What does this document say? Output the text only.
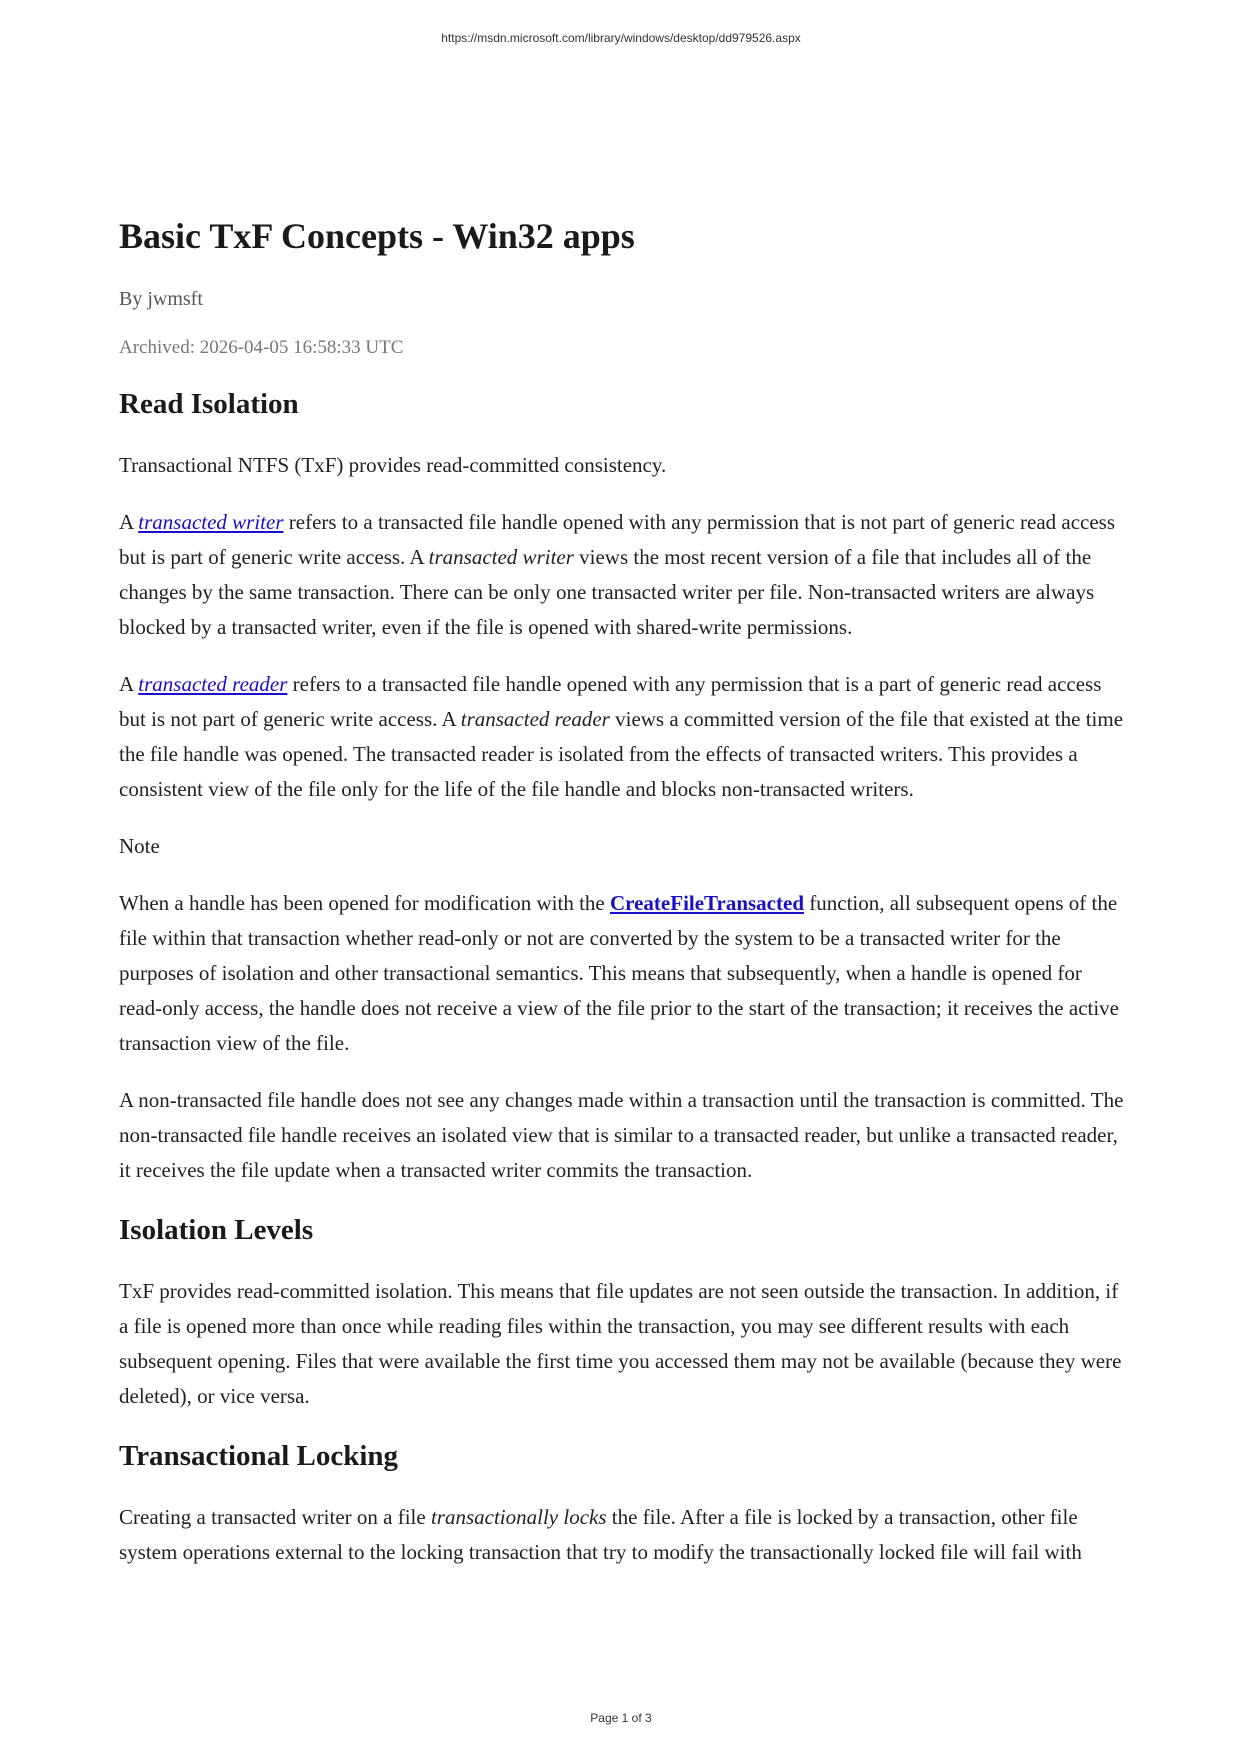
https://msdn.microsoft.com/library/windows/desktop/dd979526.aspx
Basic TxF Concepts - Win32 apps
By jwmsft
Archived: 2026-04-05 16:58:33 UTC
Read Isolation

Transactional NTFS (TxF) provides read-committed consistency.

A transacted writer refers to a transacted file handle opened with any permission that is not part of generic read access but is part of generic write access. A transacted writer views the most recent version of a file that includes all of the changes by the same transaction. There can be only one transacted writer per file. Non-transacted writers are always blocked by a transacted writer, even if the file is opened with shared-write permissions.

A transacted reader refers to a transacted file handle opened with any permission that is a part of generic read access but is not part of generic write access. A transacted reader views a committed version of the file that existed at the time the file handle was opened. The transacted reader is isolated from the effects of transacted writers. This provides a consistent view of the file only for the life of the file handle and blocks non-transacted writers.

Note

When a handle has been opened for modification with the CreateFileTransacted function, all subsequent opens of the file within that transaction whether read-only or not are converted by the system to be a transacted writer for the purposes of isolation and other transactional semantics. This means that subsequently, when a handle is opened for read-only access, the handle does not receive a view of the file prior to the start of the transaction; it receives the active transaction view of the file.

A non-transacted file handle does not see any changes made within a transaction until the transaction is committed. The non-transacted file handle receives an isolated view that is similar to a transacted reader, but unlike a transacted reader, it receives the file update when a transacted writer commits the transaction.

Isolation Levels

TxF provides read-committed isolation. This means that file updates are not seen outside the transaction. In addition, if a file is opened more than once while reading files within the transaction, you may see different results with each subsequent opening. Files that were available the first time you accessed them may not be available (because they were deleted), or vice versa.

Transactional Locking

Creating a transacted writer on a file transactionally locks the file. After a file is locked by a transaction, other file system operations external to the locking transaction that try to modify the transactionally locked file will fail with

Page 1 of 3
